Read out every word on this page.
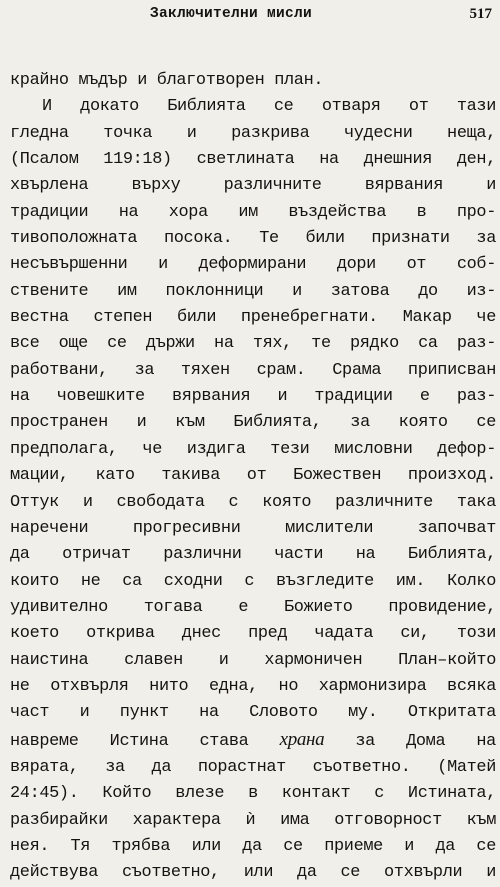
Заключителни мисли	517
крайно мъдър и благотворен план.
И докато Библията се отваря от тази
гледна точка и разкрива чудесни неща,
(Псалом 119:18) светлината на днешния ден,
хвърлена върху различните вярвания и
традиции на хора им въздейства в про-
тивоположната посока. Те били признати за
несъвършенни и деформирани дори от соб-
ствените им поклонници и затова до из-
вестна степен били пренебрегнати. Макар че
все още се държи на тях, те рядко са раз-
работвани, за тяхен срам. Срама приписван
на човешките вярвания и традиции е раз-
пространен и към Библията, за която се
предполага, че издига тези мисловни дефор-
мации, като такива от Божествен произход.
Оттук и свободата с която различните така
наречени прогресивни мислители започват
да отричат различни части на Библията,
които не са сходни с възгледите им. Колко
удивително тогава е Божието провидение,
което открива днес пред чадата си, този
наистина славен и хармоничен План–който
не отхвърля нито една, но хармонизира всяка
част и пункт на Словото му. Откритата
навреме Истина става храна за Дома на
вярата, за да порастнат съответно. (Матей
24:45). Който влезе в контакт с Истината,
разбирайки характера ѝ има отговорност към
нея. Тя трябва или да се приеме и да се
действува съответно, или да се отхвърли и
